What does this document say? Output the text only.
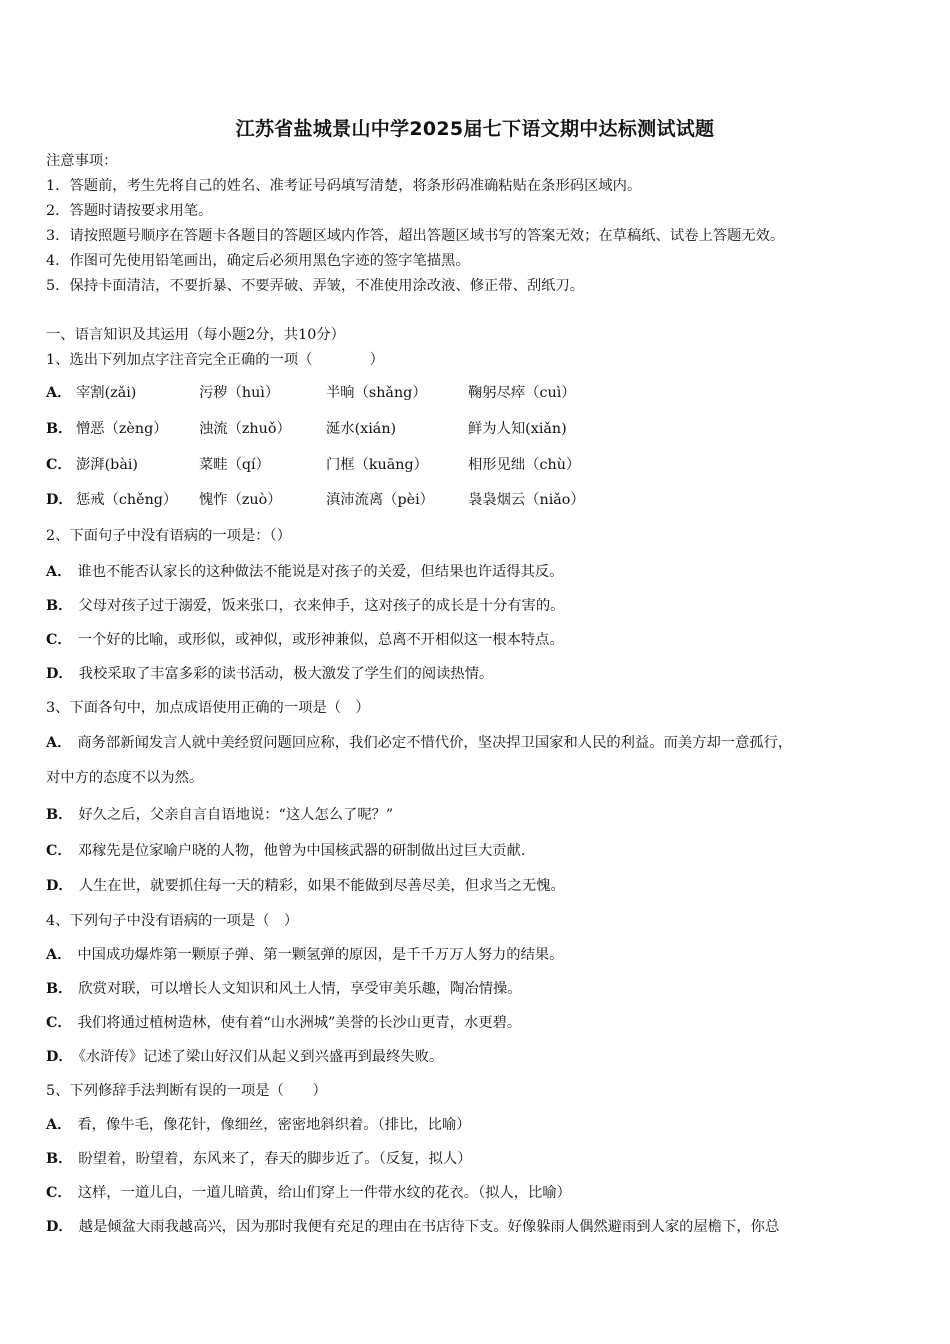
江苏省盐城景山中学2025届七下语文期中达标测试试题
注意事项：
1．答题前，考生先将自己的姓名、准考证号码填写清楚，将条形码准确粘贴在条形码区域内。
2．答题时请按要求用笔。
3．请按照题号顺序在答题卡各题目的答题区域内作答，超出答题区域书写的答案无效；在草稿纸、试卷上答题无效。
4．作图可先使用铅笔画出，确定后必须用黑色字迹的签字笔描黑。
5．保持卡面清洁，不要折暴、不要弄破、弄皱，不准使用涂改液、修正带、刮纸刀。
一、语言知识及其运用（每小题2分，共10分）
1、选出下列加点字注音完全正确的一项（　　　　）
A． 宰割(zǎi)	污秽（huì）	半晌（shǎng）	鞠躬尽瘁（cuì）
B． 憎恶（zèng） 浊流（zhuǒ） 涎水(xián)	鲜为人知(xiǎn)
C． 澎湃(bài)	菜畦（qí）	门框（kuāng）	相形见绌（chù）
D． 惩戒（chěng） 愧怍（zuò）	滇沛流离（pèi） 袅袅烟云（niǎo）
2、下面句子中没有语病的一项是：（）
A． 谁也不能否认家长的这种做法不能说是对孩子的关爱，但结果也许适得其反。
B． 父母对孩子过于溺爱，饭来张口，衣来伸手，这对孩子的成长是十分有害的。
C． 一个好的比喻，或形似，或神似，或形神兼似，总离不开相似这一根本特点。
D． 我校采取了丰富多彩的读书活动，极大激发了学生们的阅读热情。
3、下面各句中，加点成语使用正确的一项是（　）
A． 商务部新闻发言人就中美经贸问题回应称，我们必定不惜代价，坚决捍卫国家和人民的利益。而美方却一意孤行，
对中方的态度不以为然。
B． 好久之后，父亲自言自语地说：“这人怎么了呢？”
C． 邓稼先是位家喻户晓的人物，他曾为中国核武器的研制做出过巨大贡献.
D． 人生在世，就要抓住每一天的精彩，如果不能做到尽善尽美，但求当之无愧。
4、下列句子中没有语病的一项是（　）
A． 中国成功爆炸第一颗原子弹、第一颗氢弹的原因，是千千万万人努力的结果。
B． 欣赏对联，可以增长人文知识和风土人情，享受审美乐趣，陶冶情操。
C． 我们将通过植树造林，使有着“山水洲城”美誉的长沙山更青，水更碧。
D． 《水浒传》记述了梁山好汉们从起义到兴盛再到最终失败。
5、下列修辞手法判断有误的一项是（　　）
A． 看，像牛毛，像花针，像细丝，密密地斜织着。（排比，比喻）
B． 盼望着，盼望着，东风来了，春天的脚步近了。（反复，拟人）
C． 这样，一道儿白，一道儿暗黄，给山们穿上一件带水纹的花衣。（拟人，比喻）
D． 越是倾盆大雨我越高兴，因为那时我便有充足的理由在书店待下支。好像躲雨人偶然避雨到人家的屋檐下，你总
